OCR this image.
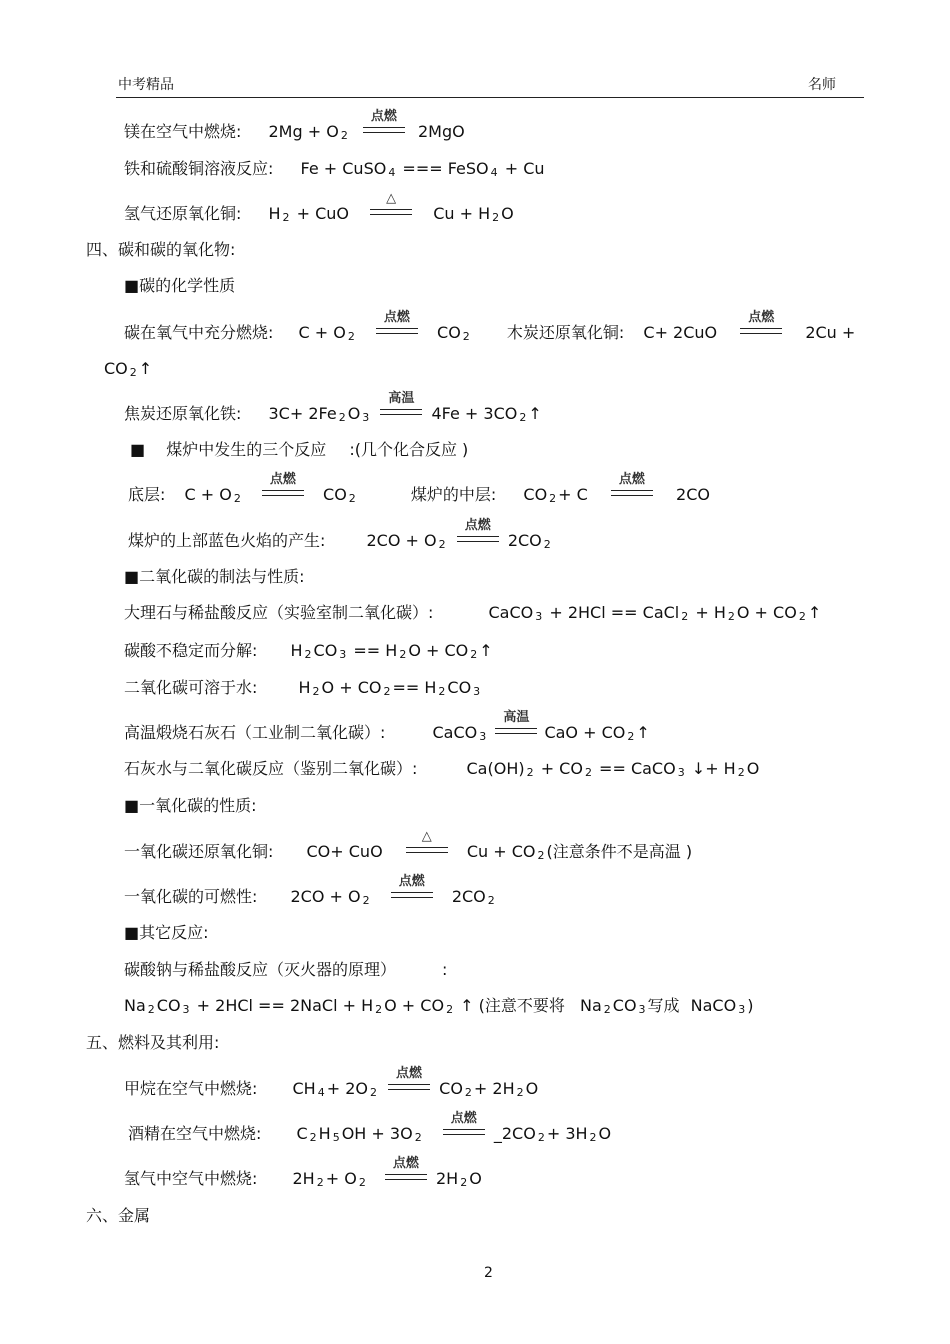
中考精品	名师
镁在空气中燃烧: 2Mg + O $_2$
点燃
2MgO
铁和硫酸铜溶液反应: Fe + CuSO $_4$ === FeSO $_4$ + Cu
氢气还原氧化铜: H $_2$ + CuO
△
Cu + H $_2$ O
四、碳和碳的氧化物:
■碳的化学性质
碳在氧气中充分燃烧: C + O $_2$
点燃
CO $_2$ 木炭还原氧化铜: C+ 2CuO
点燃
2Cu +
CO $_2$ ↑
焦炭还原氧化铁: 3C+ 2Fe $_2$ O $_3$
高温
4Fe + 3CO $_2$ ↑
■ 煤炉中发生的三个反应 :(几个化合反应 )
底层: C + O $_2$
点燃
CO $_2$	煤炉的中层: CO $_2$ + C
点燃
2CO
煤炉的上部蓝色火焰的产生:	2CO + O $_2$
点燃
2CO $_2$
■二氧化碳的制法与性质:
大理石与稀盐酸反应（实验室制二氧化碳）:	CaCO $_3$ + 2HCl == CaCl $_2$ + H $_2$ O + CO $_2$ ↑
碳酸不稳定而分解: H $_2$ CO $_3$ == H $_2$ O + CO $_2$ ↑
二氧化碳可溶于水:	H $_2$ O + CO $_2$ == H $_2$ CO $_3$
高温煅烧石灰石（工业制二氧化碳）:	CaCO $_3$
高温
CaO + CO $_2$ ↑
石灰水与二氧化碳反应（鉴别二氧化碳）:	Ca(OH) $_2$ + CO $_2$ == CaCO $_3$ ↓+ H $_2$ O
■一氧化碳的性质:
一氧化碳还原氧化铜: CO+ CuO
△
Cu + CO $_2$ (注意条件不是高温 )
一氧化碳的可燃性: 2CO + O $_2$
点燃
2CO $_2$
■其它反应:
碳酸钠与稀盐酸反应（灭火器的原理）	:
Na $_2$ CO $_3$ + 2HCl == 2NaCl + H $_2$ O + CO $_2$ ↑ (注意不要将 Na $_2$ CO $_3$ 写成 NaCO $_3$ )
五、燃料及其利用:
甲烷在空气中燃烧: CH $_4$ + 2O $_2$
点燃
CO $_2$ + 2H $_2$ O
酒精在空气中燃烧: C $_2$ H $_5$ OH + 3O $_2$
点燃
_2CO $_2$ + 3H $_2$ O
氢气中空气中燃烧: 2H $_2$ + O $_2$
点燃
2H $_2$ O
六、金属
2
